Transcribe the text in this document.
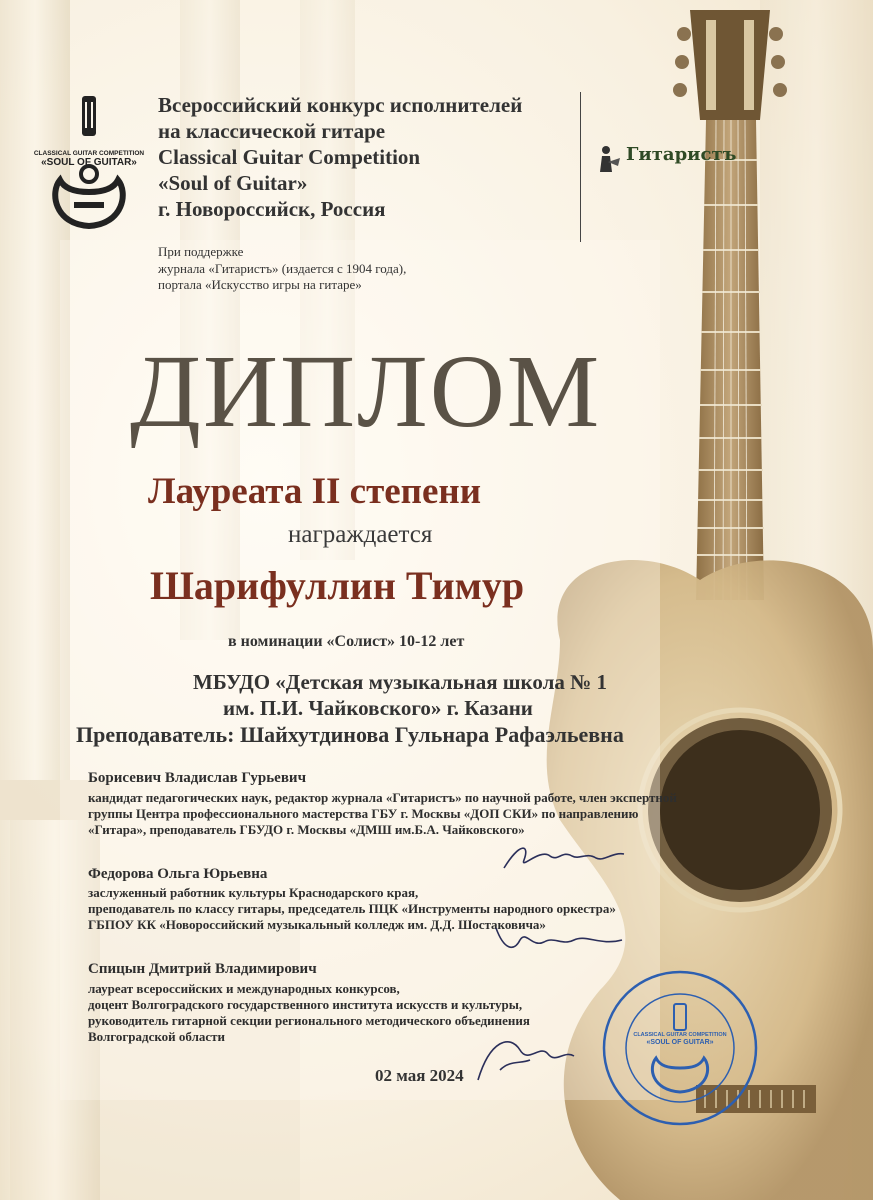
CLASSICAL GUITAR COMPETITION
«SOUL OF GUITAR»
Всероссийский конкурс исполнителей
на классической гитаре
Classical Guitar Competition
«Soul of Guitar»
г. Новороссийск, Россия
Гитаристъ
При поддержке
журнала «Гитаристъ» (издается с 1904 года),
портала «Искусство игры на гитаре»
ДИПЛОМ
Лауреата II степени
награждается
Шарифуллин Тимур
в номинации «Солист» 10-12 лет
МБУДО «Детская музыкальная школа № 1
им. П.И. Чайковского» г. Казани
Преподаватель: Шайхутдинова Гульнара Рафаэльевна
Борисевич Владислав Гурьевич
кандидат педагогических наук, редактор журнала «Гитаристъ» по научной работе, член экспертной
группы Центра профессионального мастерства ГБУ г. Москвы «ДОП СКИ» по направлению
«Гитара», преподаватель ГБУДО г. Москвы «ДМШ им.Б.А. Чайковского»
Федорова Ольга Юрьевна
заслуженный работник культуры Краснодарского края,
преподаватель по классу гитары, председатель ПЦК «Инструменты народного оркестра»
ГБПОУ КК «Новороссийский музыкальный колледж им. Д.Д. Шостаковича»
Спицын Дмитрий Владимирович
лауреат всероссийских и международных конкурсов,
доцент Волгоградского государственного института искусств и культуры,
руководитель гитарной секции регионального методического объединения
Волгоградской области	CLASSICAL GUITAR COMPETITION
«SOUL OF GUITAR»
02 мая 2024
